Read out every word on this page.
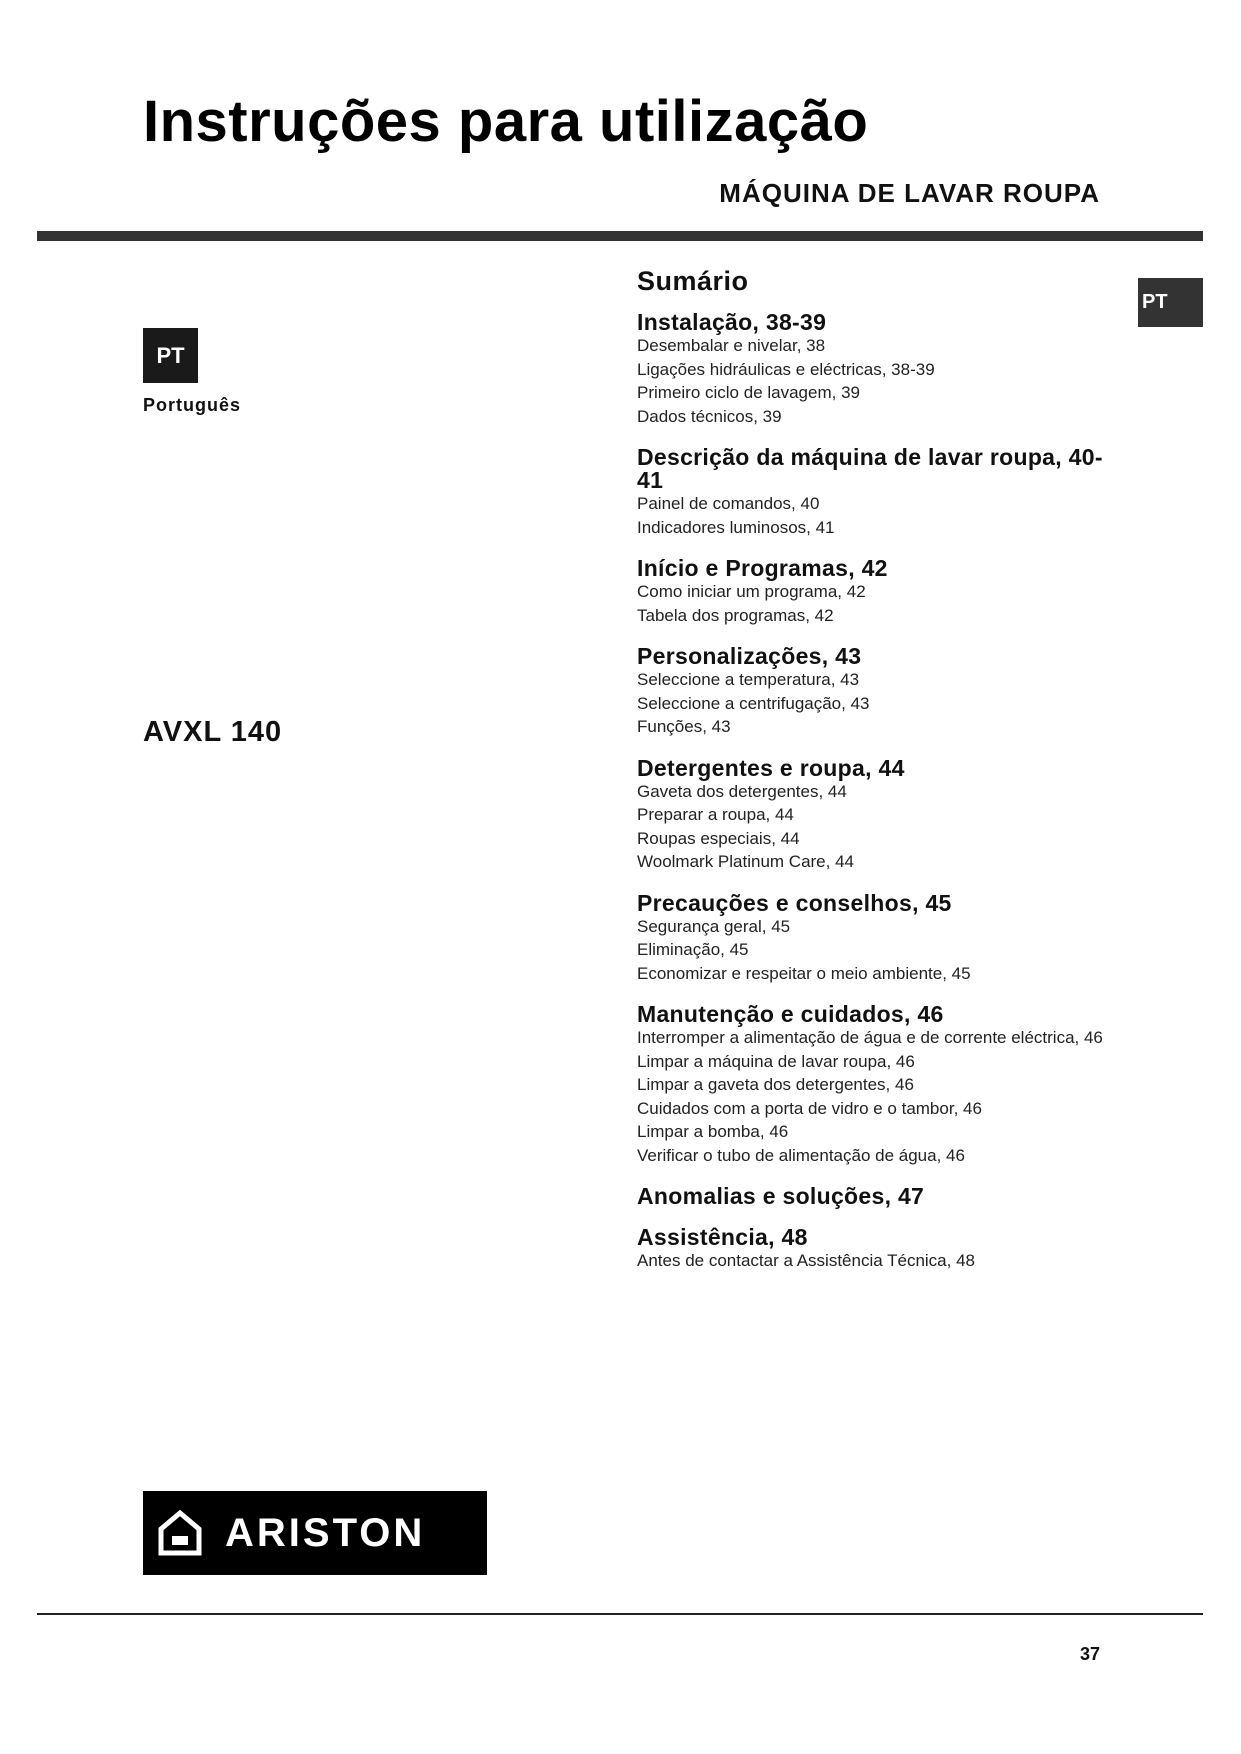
Instruções para utilização
MÁQUINA DE LAVAR ROUPA
PT
Português
PT
AVXL 140
Sumário
Instalação, 38-39
Desembalar e nivelar, 38
Ligações hidráulicas e eléctricas, 38-39
Primeiro ciclo de lavagem, 39
Dados técnicos, 39
Descrição da máquina de lavar roupa, 40-41
Painel de comandos, 40
Indicadores luminosos, 41
Início e Programas, 42
Como iniciar um programa, 42
Tabela dos programas, 42
Personalizações, 43
Seleccione a temperatura, 43
Seleccione a centrifugação, 43
Funções, 43
Detergentes e roupa, 44
Gaveta dos detergentes, 44
Preparar a roupa, 44
Roupas especiais, 44
Woolmark Platinum Care, 44
Precauções e conselhos, 45
Segurança geral, 45
Eliminação, 45
Economizar e respeitar o meio ambiente, 45
Manutenção e cuidados, 46
Interromper a alimentação de água e de corrente eléctrica, 46
Limpar a máquina de lavar roupa, 46
Limpar a gaveta dos detergentes, 46
Cuidados com a porta de vidro e o tambor, 46
Limpar a bomba, 46
Verificar o tubo de alimentação de água, 46
Anomalias e soluções, 47
Assistência, 48
Antes de contactar a Assistência Técnica, 48
ARISTON
37
